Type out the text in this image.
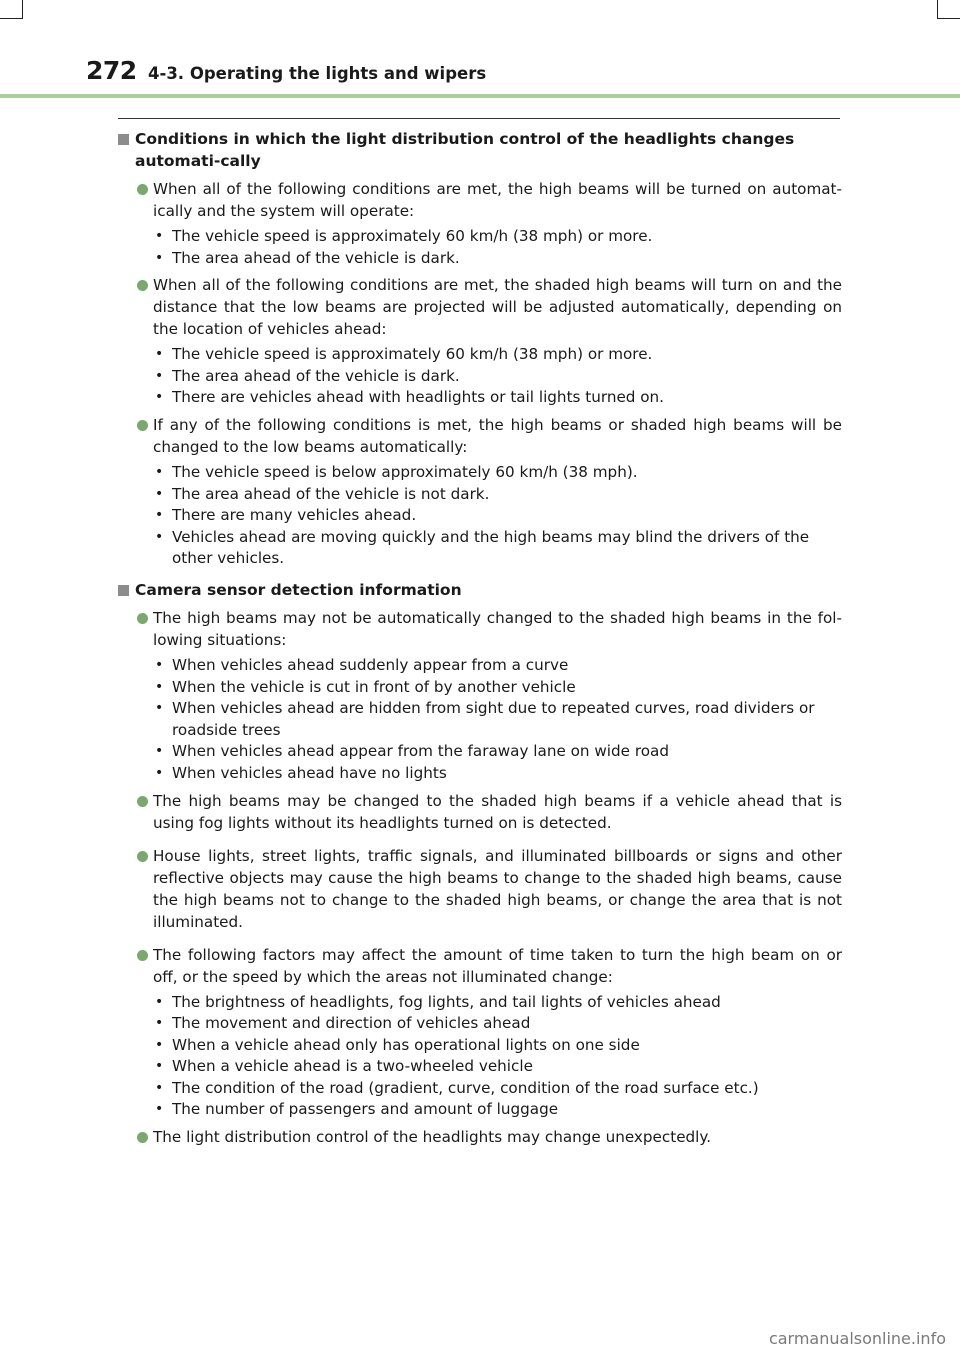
272 4-3. Operating the lights and wipers
Conditions in which the light distribution control of the headlights changes automati-cally
When all of the following conditions are met, the high beams will be turned on automat-ically and the system will operate:
• The vehicle speed is approximately 60 km/h (38 mph) or more.
• The area ahead of the vehicle is dark.
When all of the following conditions are met, the shaded high beams will turn on and the distance that the low beams are projected will be adjusted automatically, depending on the location of vehicles ahead:
• The vehicle speed is approximately 60 km/h (38 mph) or more.
• The area ahead of the vehicle is dark.
• There are vehicles ahead with headlights or tail lights turned on.
If any of the following conditions is met, the high beams or shaded high beams will be changed to the low beams automatically:
• The vehicle speed is below approximately 60 km/h (38 mph).
• The area ahead of the vehicle is not dark.
• There are many vehicles ahead.
• Vehicles ahead are moving quickly and the high beams may blind the drivers of the other vehicles.
Camera sensor detection information
The high beams may not be automatically changed to the shaded high beams in the fol-lowing situations:
• When vehicles ahead suddenly appear from a curve
• When the vehicle is cut in front of by another vehicle
• When vehicles ahead are hidden from sight due to repeated curves, road dividers or roadside trees
• When vehicles ahead appear from the faraway lane on wide road
• When vehicles ahead have no lights
The high beams may be changed to the shaded high beams if a vehicle ahead that is using fog lights without its headlights turned on is detected.
House lights, street lights, traffic signals, and illuminated billboards or signs and other reflective objects may cause the high beams to change to the shaded high beams, cause the high beams not to change to the shaded high beams, or change the area that is not illuminated.
The following factors may affect the amount of time taken to turn the high beam on or off, or the speed by which the areas not illuminated change:
• The brightness of headlights, fog lights, and tail lights of vehicles ahead
• The movement and direction of vehicles ahead
• When a vehicle ahead only has operational lights on one side
• When a vehicle ahead is a two-wheeled vehicle
• The condition of the road (gradient, curve, condition of the road surface etc.)
• The number of passengers and amount of luggage
The light distribution control of the headlights may change unexpectedly.
carmanualsonline.info
